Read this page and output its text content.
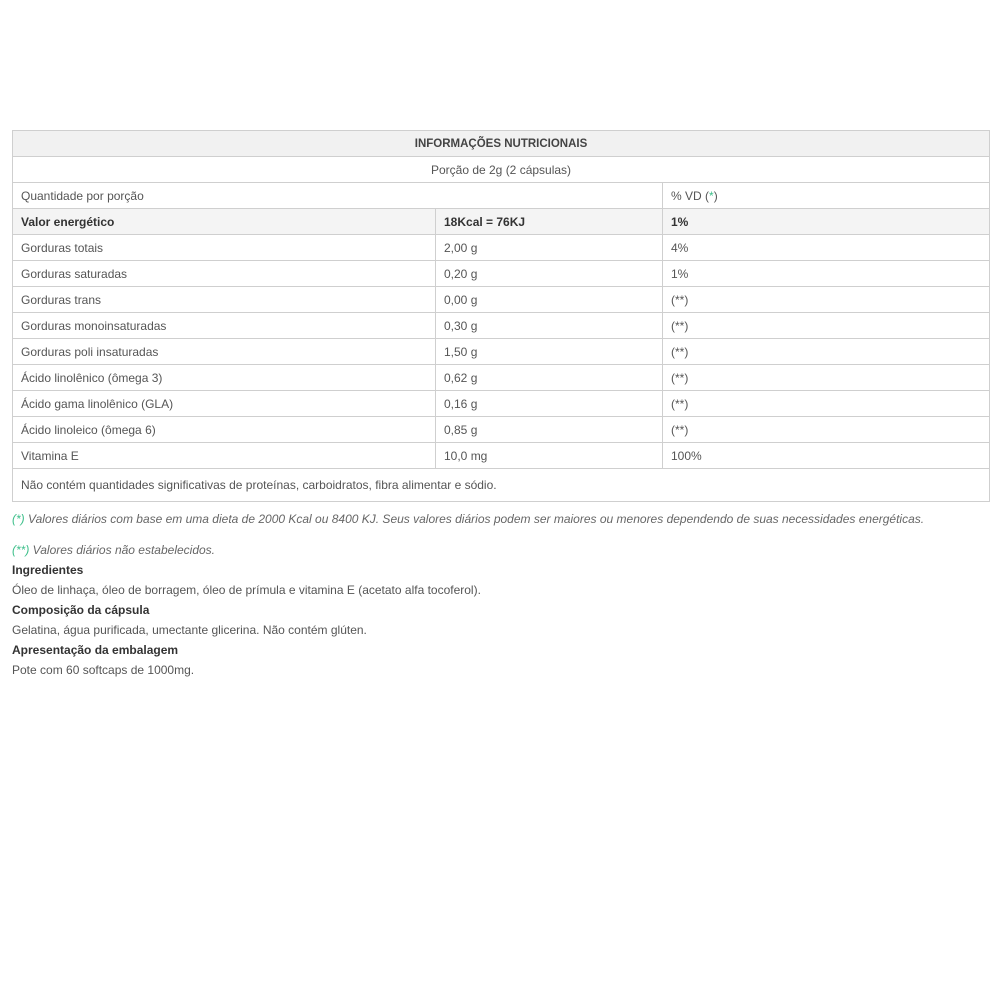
INFORMAÇÕES NUTRICIONAIS		
Porção de 2g (2 cápsulas)		
Quantidade por porção		% VD (*)
Valor energético	18Kcal = 76KJ	1%
Gorduras totais	2,00 g	4%
Gorduras saturadas	0,20 g	1%
Gorduras trans	0,00 g	(**)
Gorduras monoinsaturadas	0,30 g	(**)
Gorduras poli insaturadas	1,50 g	(**)
Ácido linolênico (ômega 3)	0,62 g	(**)
Ácido gama linolênico (GLA)	0,16 g	(**)
Ácido linoleico (ômega 6)	0,85 g	(**)
Vitamina E	10,0 mg	100%
Não contém quantidades significativas de proteínas, carboidratos, fibra alimentar e sódio.		

(*) Valores diários com base em uma dieta de 2000 Kcal ou 8400 KJ. Seus valores diários podem ser maiores ou menores dependendo de suas necessidades energéticas.

(**) Valores diários não estabelecidos.

Ingredientes

Óleo de linhaça, óleo de borragem, óleo de prímula e vitamina E (acetato alfa tocoferol).

Composição da cápsula

Gelatina, água purificada, umectante glicerina. Não contém glúten.

Apresentação da embalagem

Pote com 60 softcaps de 1000mg.
